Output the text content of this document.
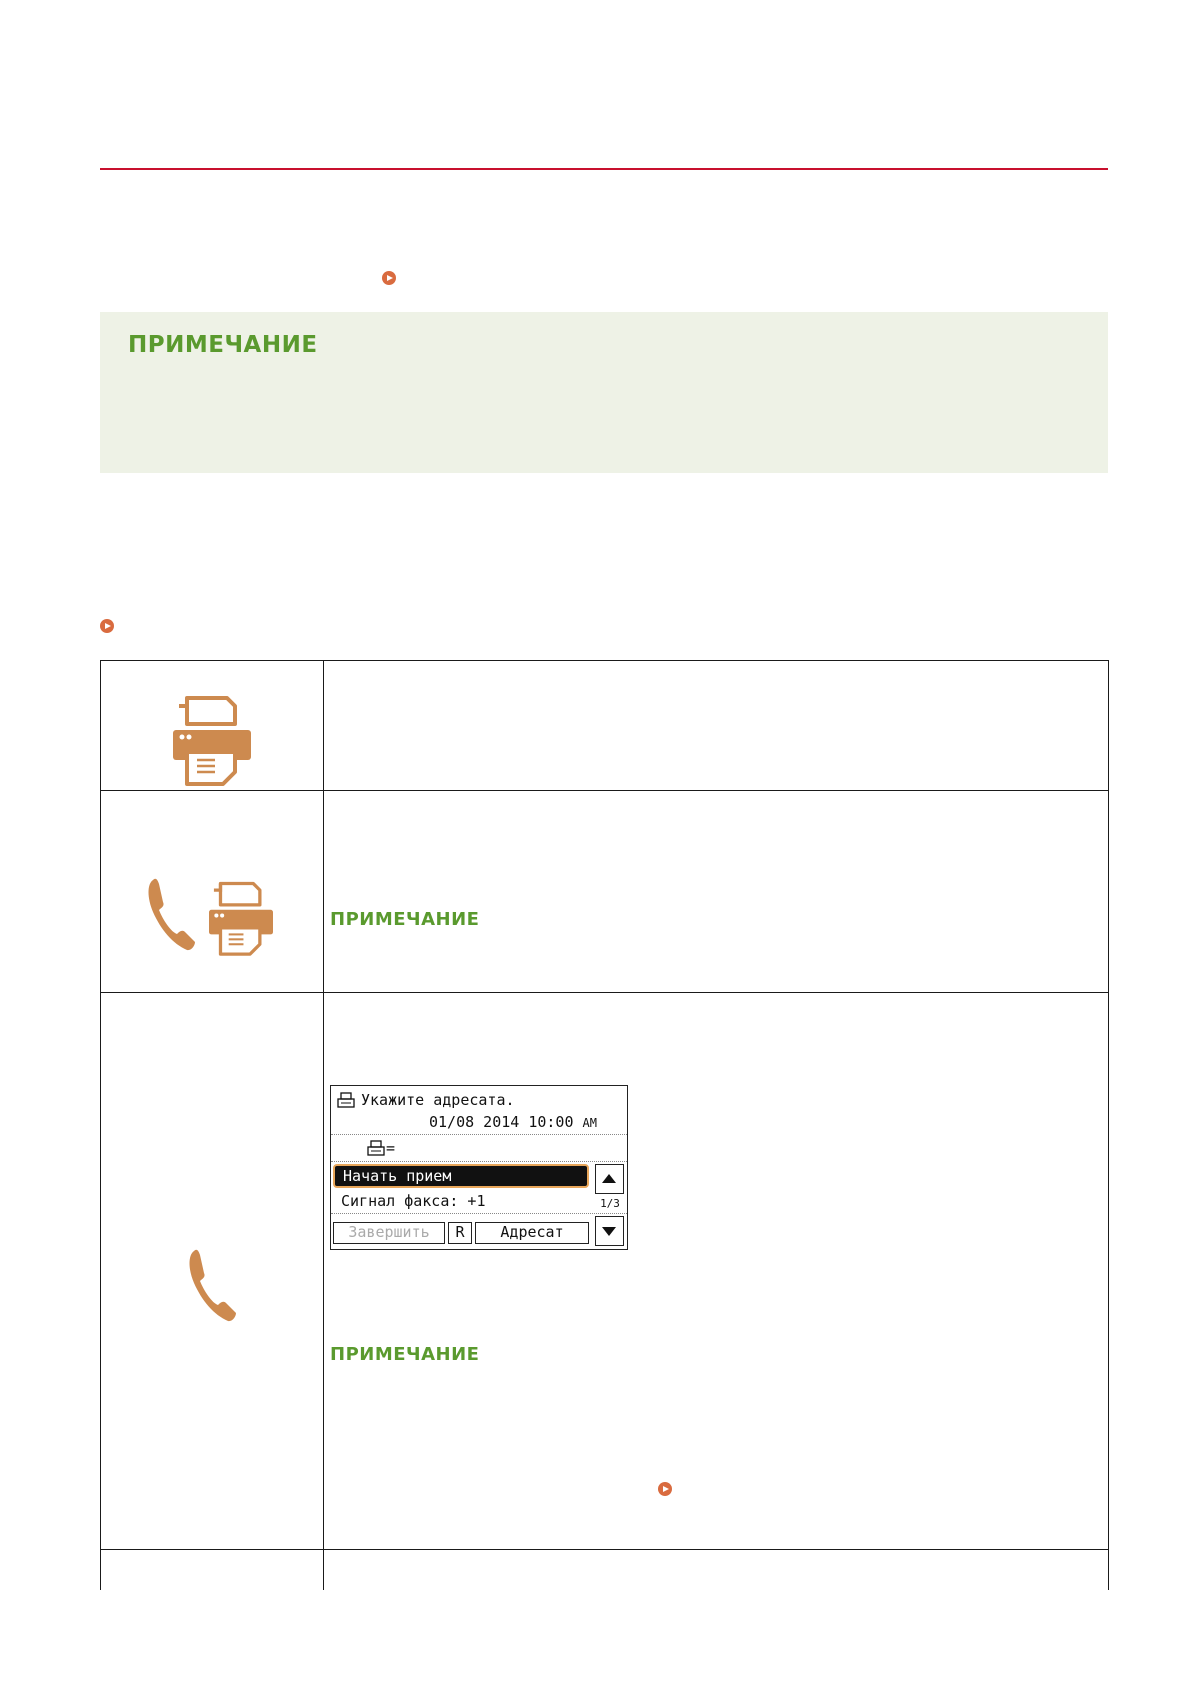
ПРИМЕЧАНИЕ

ПРИМЕЧАНИЕ

ПРИМЕЧАНИЕ

Укажите адресата.
01/08 2014 10:00 AM
=
Начать прием
Сигнал факса: +1	1/3
Завершить	R	Адресат
